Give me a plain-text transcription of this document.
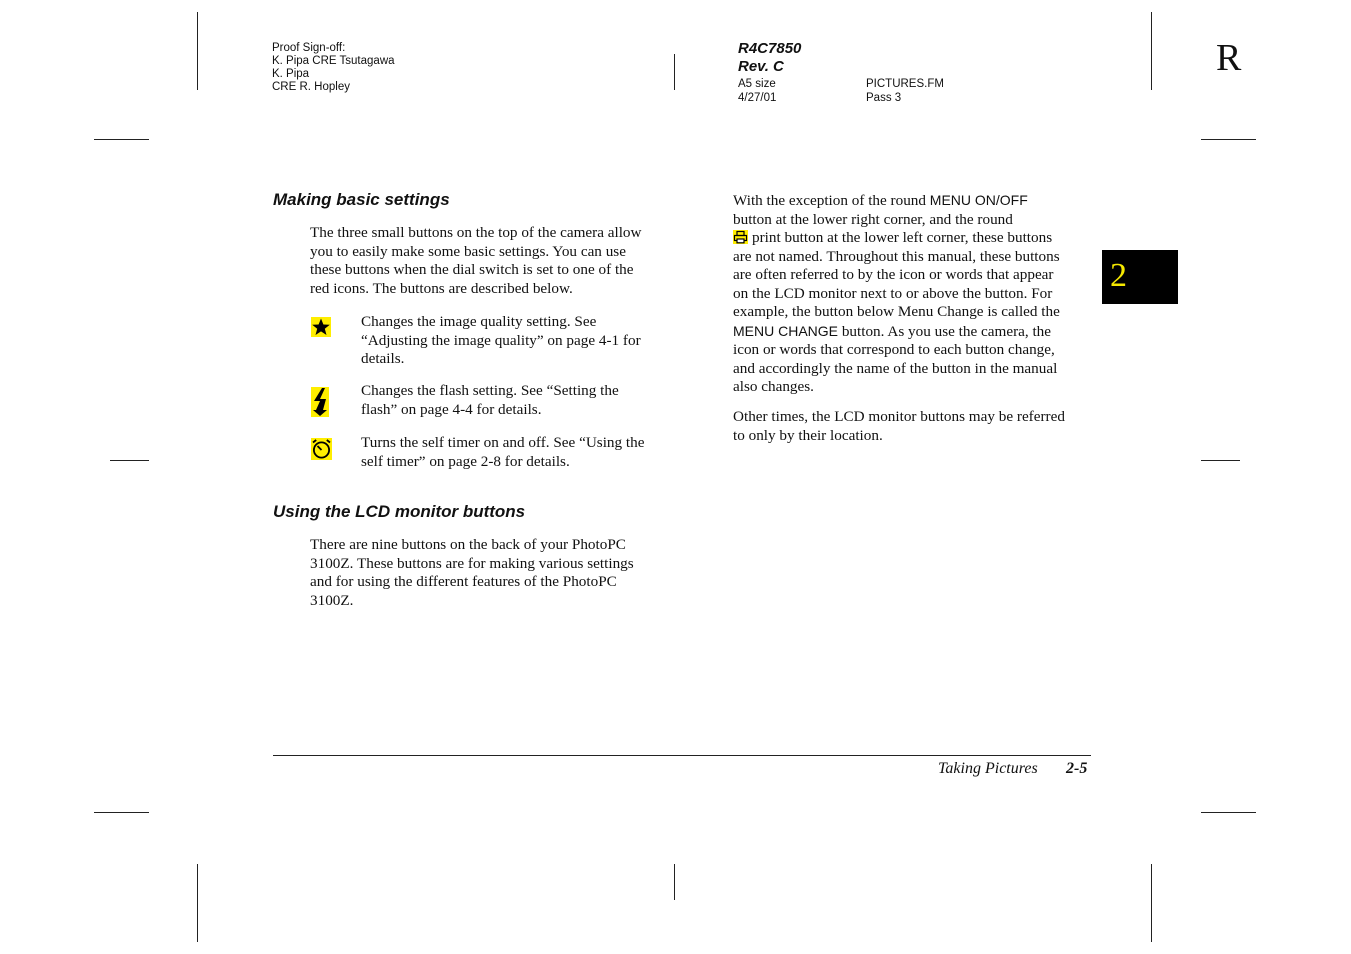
Proof Sign-off:
K. Pipa CRE Tsutagawa
K. Pipa
CRE R. Hopley
R4C7850
Rev. C
A5 size
4/27/01
PICTURES.FM
Pass 3
R
2
Making basic settings
The three small buttons on the top of the camera allow
you to easily make some basic settings. You can use
these buttons when the dial switch is set to one of the
red icons. The buttons are described below.
Changes the image quality setting. See
“Adjusting the image quality” on page 4-1 for
details.
Changes the flash setting. See “Setting the
flash” on page 4-4 for details.
Turns the self timer on and off. See “Using the
self timer” on page 2-8 for details.
Using the LCD monitor buttons
There are nine buttons on the back of your PhotoPC
3100Z. These buttons are for making various settings
and for using the different features of the PhotoPC
3100Z.
With the exception of the round MENU ON/OFF
button at the lower right corner, and the round
print button at the lower left corner, these buttons
are not named. Throughout this manual, these buttons
are often referred to by the icon or words that appear
on the LCD monitor next to or above the button. For
example, the button below Menu Change is called the
MENU CHANGE button. As you use the camera, the
icon or words that correspond to each button change,
and accordingly the name of the button in the manual
also changes.
Other times, the LCD monitor buttons may be referred
to only by their location.
Taking Pictures 2-5
